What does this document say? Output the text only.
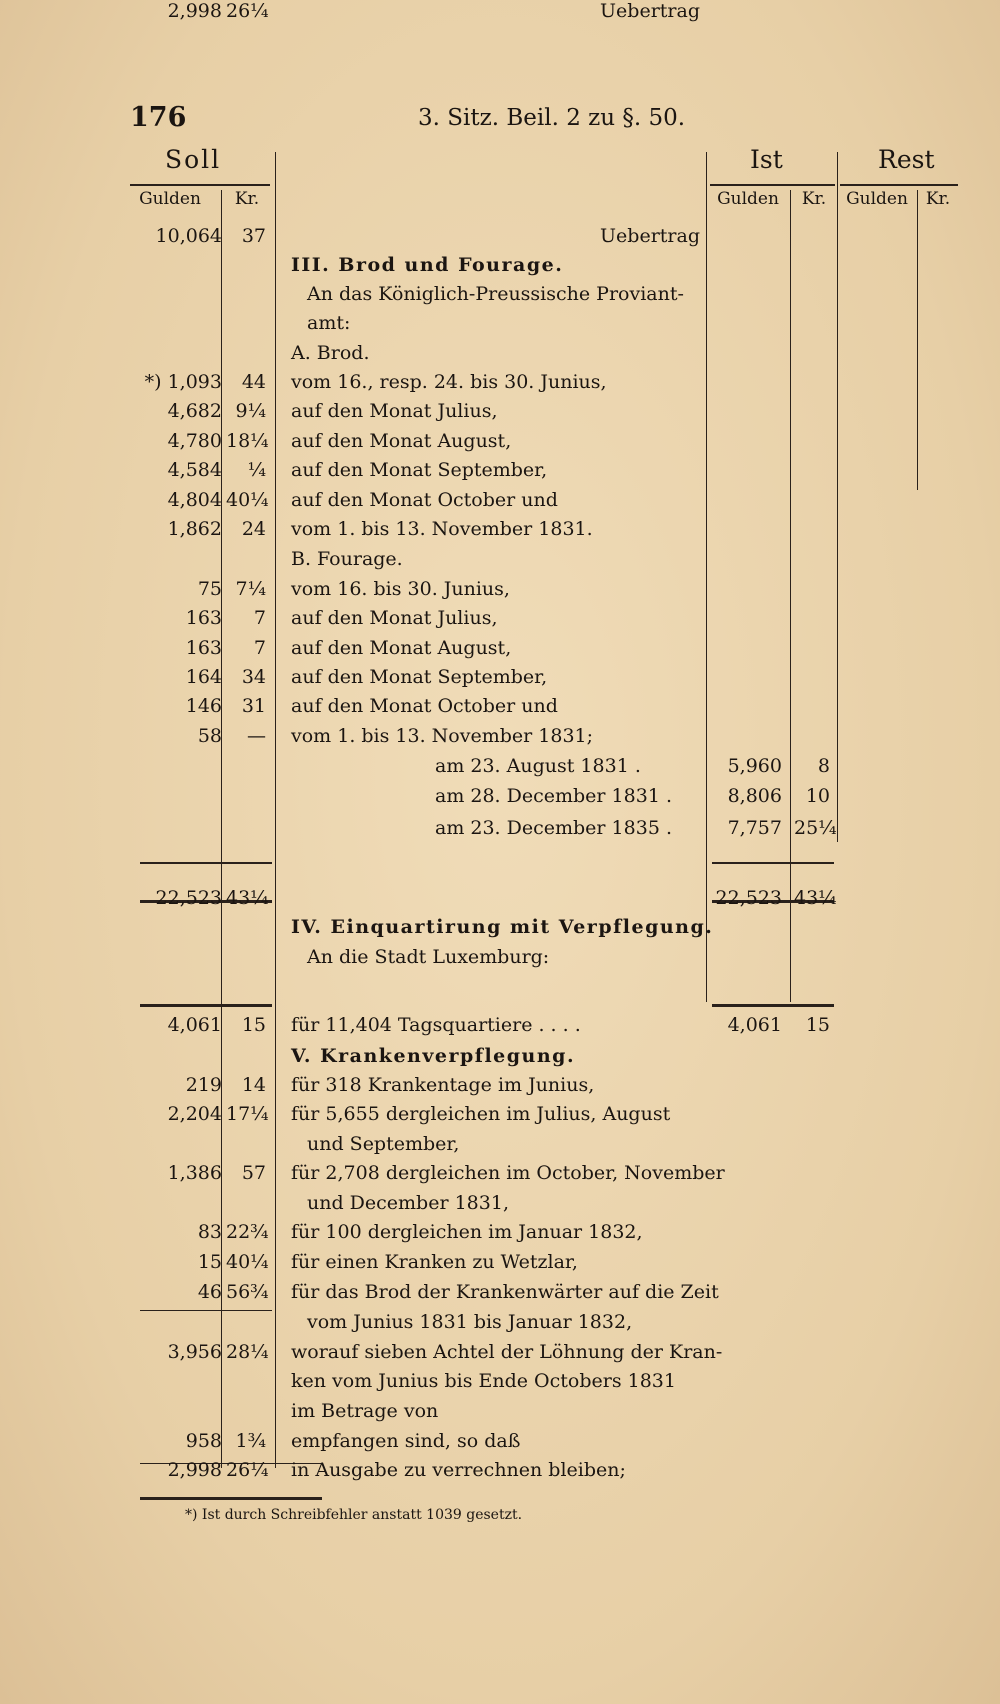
176	3. Sitz. Beil. 2 zu §. 50.
Soll	Ist	Rest
Gulden	Kr.	Gulden	Kr.	Gulden	Kr.
10,064	37	Uebertrag
III. Brod und Fourage.
An das Königlich-Preussische Proviant-
amt:
A. Brod.
*) 1,093	44 vom 16., resp. 24. bis 30. Junius,
4,682 9¼ auf den Monat Julius,
4,780 18¼ auf den Monat August,
4,584	¼ auf den Monat September,
4,804 40¼ auf den Monat October und
1,862	24 vom 1. bis 13. November 1831.
B. Fourage.
75 7¼ vom 16. bis 30. Junius,
163	7 auf den Monat Julius,
163	7 auf den Monat August,
164	34 auf den Monat September,
146	31 auf den Monat October und
58	— vom 1. bis 13. November 1831;
am 23. August 1831 .	5,960	8
am 28. December 1831 .	8,806	10
am 23. December 1835 .	7,757 25¼
22,523 43¼	22,523 43¼
IV. Einquartirung mit Verpflegung.
An die Stadt Luxemburg:
4,061	15 für 11,404 Tagsquartiere . . . .	4,061	15
V. Krankenverpflegung.
219	14 für 318 Krankentage im Junius,
2,204 17¼ für 5,655 dergleichen im Julius, August
und September,
1,386	57 für 2,708 dergleichen im October, November
und December 1831,
83 22¾ für 100 dergleichen im Januar 1832,
15 40¼ für einen Kranken zu Wetzlar,
46 56¾ für das Brod der Krankenwärter auf die Zeit
vom Junius 1831 bis Januar 1832,
3,956 28¼ worauf sieben Achtel der Löhnung der Kran-
ken vom Junius bis Ende Octobers 1831
im Betrage von
958 1¾ empfangen sind, so daß
2,998 26¼ in Ausgabe zu verrechnen bleiben;
2,998 26¼	Uebertrag
*) Ist durch Schreibfehler anstatt 1039 gesetzt.
